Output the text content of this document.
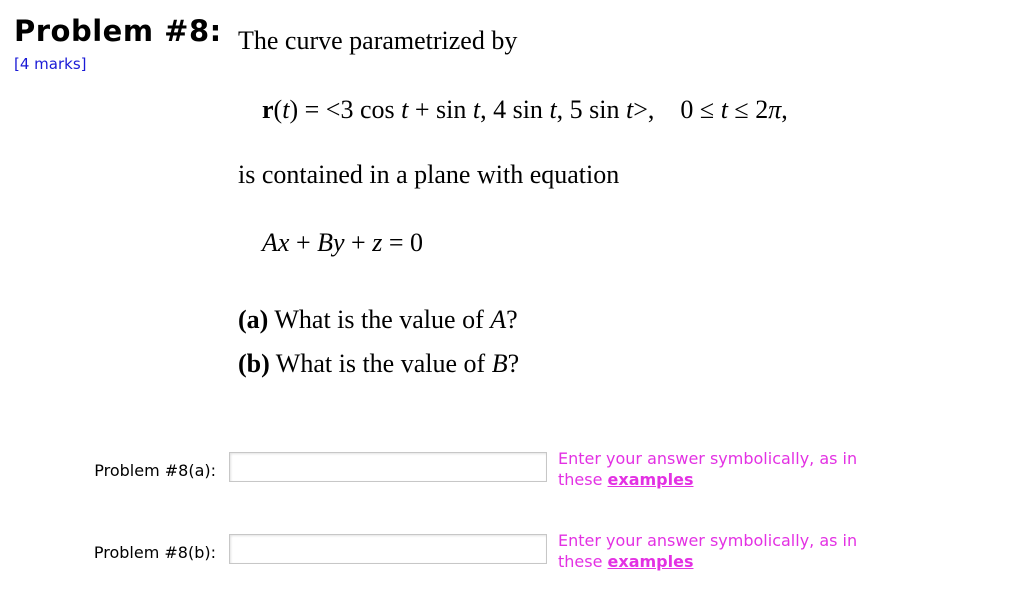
Problem #8:
[4 marks]
The curve parametrized by
r(t) = <3 cos t + sin t, 4 sin t, 5 sin t>,    0 ≤ t ≤ 2π,
is contained in a plane with equation
Ax + By + z = 0
(a) What is the value of A?
(b) What is the value of B?
Problem #8(a):
Enter your answer symbolically, as in these examples
Problem #8(b):
Enter your answer symbolically, as in these examples
